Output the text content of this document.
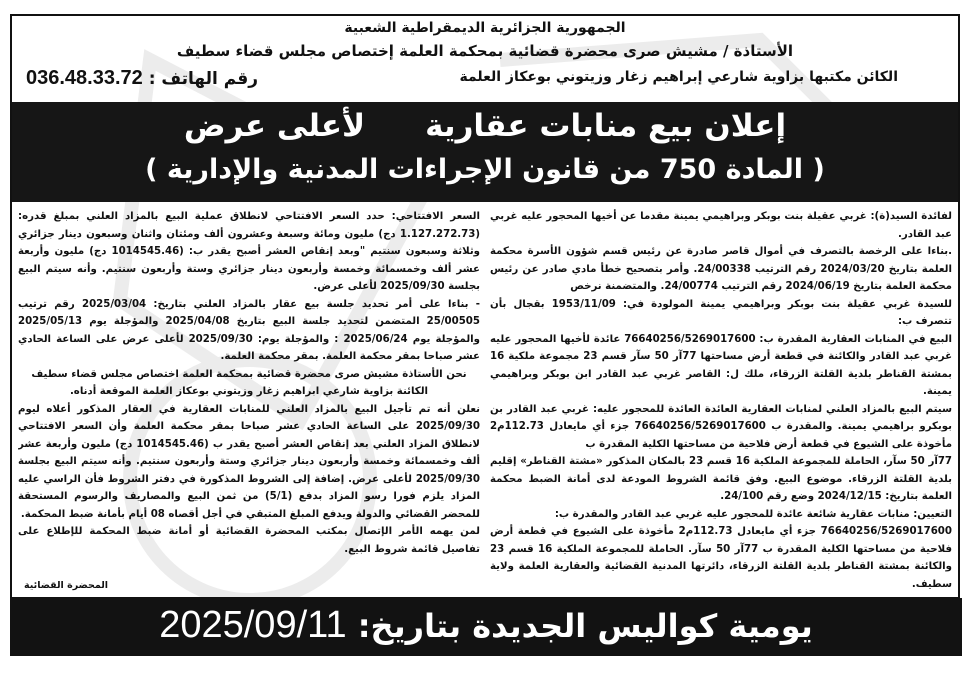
الجمهورية الجزائرية الديمقراطية الشعبية
الأستاذة / مشيش صرى محضرة قضائية بمحكمة العلمة إختصاص مجلس قضاء سطيف
الكائن مكتبها بزاوية شارعي إبراهيم زغار وزيتوني بوعكاز العلمة
رقم الهاتف : 036.48.33.72
إعلان بيع منابات عقاريةلأعلى عرض
( المادة 750 من قانون الإجراءات المدنية والإدارية )

لفائدة السيد(ة): غربي عقيلة بنت بوبكر وبراهيمي يمينة مقدما عن أخيها المحجور عليه غربي عبد القادر.

.بناءا على الرخصة بالتصرف في أموال قاصر صادرة عن رئيس قسم شؤون الأسرة محكمة العلمة بتاريخ 2024/03/20 رقم الترتيب 24/00338. وأمر بتصحيح خطأ مادي صادر عن رئيس محكمة العلمة بتاريخ 2024/06/19 رقم الترتيب 24/00774. والمتضمنة نرخص

للسيدة غربي عقيلة بنت بوبكر وبراهيمي يمينة المولودة في: 1953/11/09 بقجال بأن تتصرف ب:

البيع في المنابات العقارية المقدرة ب: 76640256/5269017600 عائدة لأخيها المحجور عليه غربي عبد القادر والكائنة في قطعة أرض مساحتها 77آر 50 سآر قسم 23 مجموعة ملكية 16 بمشتة القناطر بلدية القلتة الزرقاء، ملك ل: القاصر غربي عبد القادر ابن بوبكر وبراهيمي يمينة.

سيتم البيع بالمزاد العلني لمنابات العقارية العائدة العائدة للمحجور عليه: غربي عبد القادر بن بوبكرو براهيمي يمينة. والمقدرة ب 76640256/5269017600 جزء أي مايعادل 112.73م2 مأخوذة على الشيوع في قطعة أرض فلاحية من مساحتها الكلية المقدرة ب

77آر 50 سآر، الحاملة للمجموعة الملكية 16 قسم 23 بالمكان المذكور «مشتة القناطر» إقليم بلدية القلتة الزرقاء. موضوع البيع. وفق قائمة الشروط المودعة لدى أمانة الضبط محكمة العلمة بتاريخ: 2024/12/15 وضع رقم 24/100.

التعيين: منابات عقارية شائعة عائدة للمحجور عليه غربي عبد القادر والمقدرة ب:

76640256/5269017600 جزء أي مايعادل 112.73م2 مأخوذة على الشيوع في قطعة أرض فلاحية من مساحتها الكلية المقدرة ب 77آر 50 سآر. الحاملة للمجموعة الملكية 16 قسم 23 والكائنة بمشتة القناطر بلدية القلتة الزرقاء، دائرتها المدنية القضائية والعقارية العلمة ولاية سطيف.

السعر الافتتاحي: حدد السعر الافتتاحي لانطلاق عملية البيع بالمزاد العلني بمبلغ قدره: (1.127.272.73 دج) مليون ومائة وسبعة وعشرون ألف ومئتان واثنان وسبعون دينار جزائري وثلاثة وسبعون سنتيم "وبعد إنقاص العشر أصبح يقدر ب: (1014545.46 دج) مليون وأربعة عشر ألف وخمسمائة وخمسة وأربعون دينار جزائري وستة وأربعون سنتيم. وأنه سيتم البيع بجلسة 2025/09/30 لأعلى عرض.

- بناءا على أمر تحديد جلسة بيع عقار بالمزاد العلني بتاريخ: 2025/03/04 رقم ترتيب 25/00505 المتضمن لتحديد جلسة البيع بتاريخ 2025/04/08 والمؤجلة يوم 2025/05/13 والمؤجلة يوم 2025/06/24 : والمؤجلة يوم: 2025/09/30 لأعلى عرض على الساعة الحادي عشر صباحا بمقر محكمة العلمة. بمقر محكمة العلمة.

نحن الأستاذة مشيش صرى محضرة قضائية بمحكمة العلمة اختصاص مجلس قضاء سطيف

الكائنة بزاوية شارعي ابراهيم زغار وزيتوني بوعكاز العلمة الموقعة أدناه.

نعلن أنه تم تأجيل البيع بالمزاد العلني للمنابات العقارية في العقار المذكور أعلاه ليوم 2025/09/30 على الساعة الحادي عشر صباحا بمقر محكمة العلمة وأن السعر الافتتاحي لانطلاق المزاد العلني بعد إنقاص العشر أصبح يقدر ب (1014545.46 دج) مليون وأربعة عشر ألف وخمسمائة وخمسة وأربعون دينار جزائري وستة وأربعون سنتيم. وأنه سيتم البيع بجلسة 2025/09/30 لأعلى عرض. إضافة إلى الشروط المذكورة في دفتر الشروط فأن الراسي عليه المزاد يلزم فورا رسو المزاد بدفع (5/1) من ثمن البيع والمصاريف والرسوم المستحقة للمحضر القضائي والدولة ويدفع المبلغ المتبقي في أجل أقصاه 08 أيام بأمانة ضبط المحكمة.

لمن يهمه الأمر الإتصال بمكتب المحضرة القضائية أو أمانة ضبط المحكمة للإطلاع على تفاصيل قائمة شروط البيع.

المحضرة القضائية
يومية كواليس الجديدة بتاريخ: 2025/09/11
